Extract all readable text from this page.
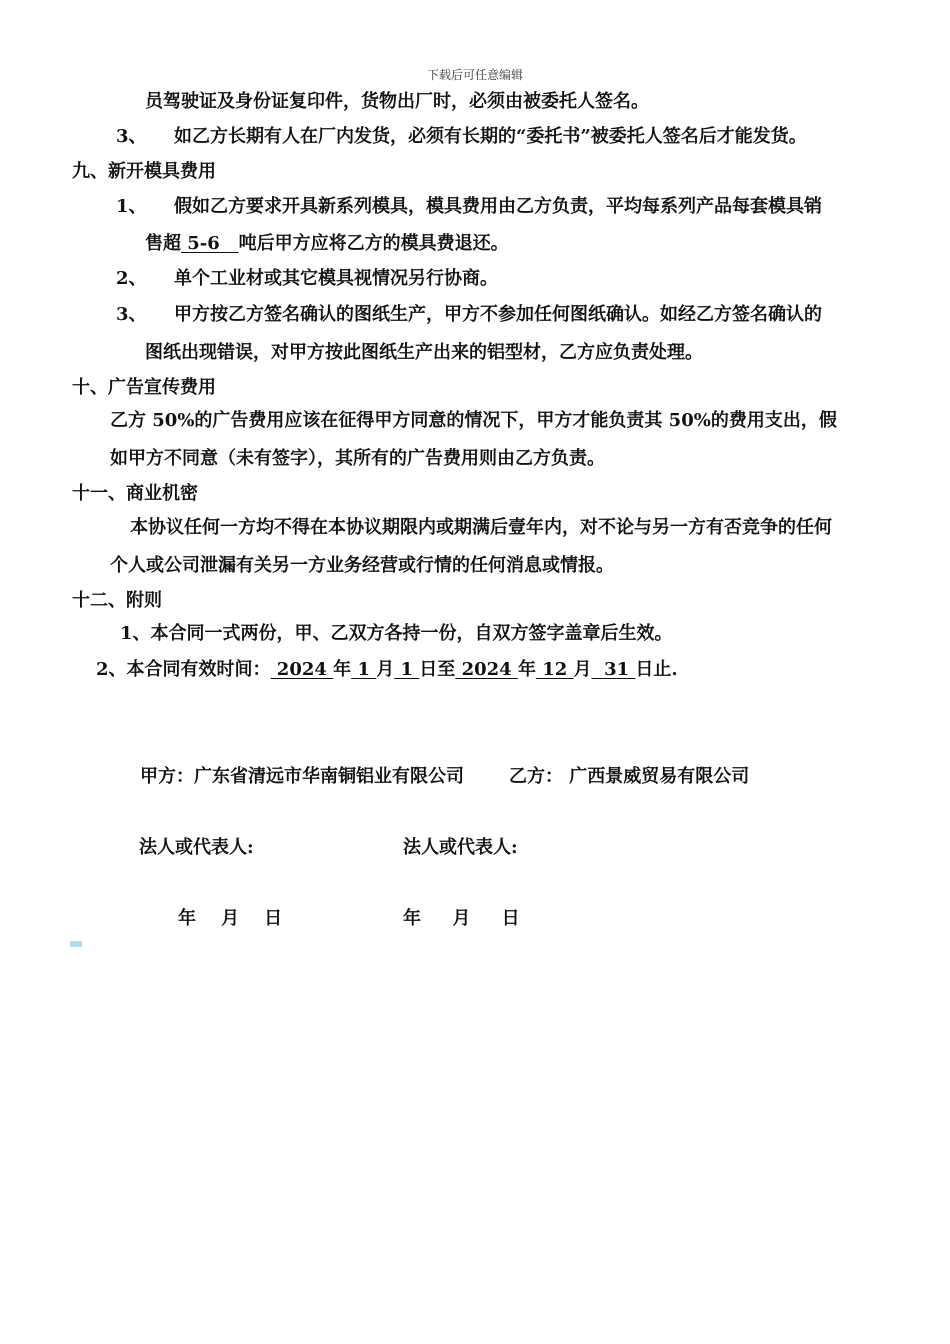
下载后可任意编辑
员驾驶证及身份证复印件，货物出厂时，必须由被委托人签名。
3、 如乙方长期有人在厂内发货，必须有长期的“委托书”被委托人签名后才能发货。
九、新开模具费用
1、 假如乙方要求开具新系列模具，模具费用由乙方负责，平均每系列产品每套模具销
售超 5-6   吨后甲方应将乙方的模具费退还。
2、 单个工业材或其它模具视情况另行协商。
3、 甲方按乙方签名确认的图纸生产，甲方不参加任何图纸确认。如经乙方签名确认的
图纸出现错误，对甲方按此图纸生产出来的铝型材，乙方应负责处理。
十、广告宣传费用
乙方 50%的广告费用应该在征得甲方同意的情况下，甲方才能负责其 50%的费用支出，假
如甲方不同意（未有签字），其所有的广告费用则由乙方负责。
十一、商业机密
本协议任何一方均不得在本协议期限内或期满后壹年内，对不论与另一方有否竞争的任何
个人或公司泄漏有关另一方业务经营或行情的任何消息或情报。
十二、附则
1、本合同一式两份，甲、乙双方各持一份，自双方签字盖章后生效。
2、本合同有效时间： 2024 年 1 月 1 日至 2024 年 12 月  31 日止.
甲方：广东省清远市华南铜铝业有限公司	乙方： 广西景威贸易有限公司
法人或代表人:	法人或代表人:
年    月    日	年     月     日
